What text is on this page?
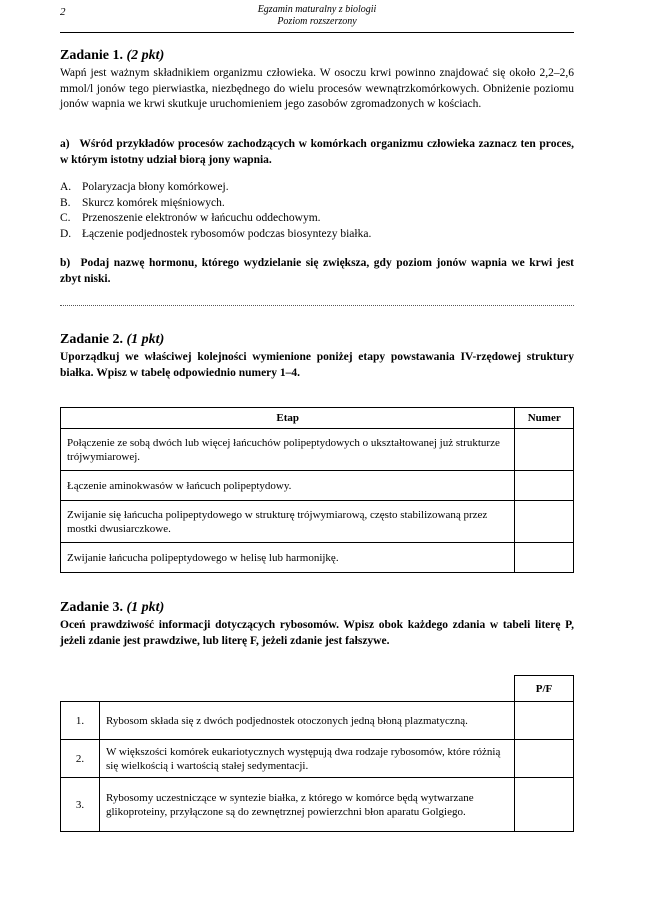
2	Egzamin maturalny z biologii
Poziom rozszerzony
Zadanie 1. (2 pkt)
Wapń jest ważnym składnikiem organizmu człowieka. W osoczu krwi powinno znajdować się około 2,2–2,6 mmol/l jonów tego pierwiastka, niezbędnego do wielu procesów wewnątrzkomórkowych. Obniżenie poziomu jonów wapnia we krwi skutkuje uruchomieniem jego zasobów zgromadzonych w kościach.
a) Wśród przykładów procesów zachodzących w komórkach organizmu człowieka zaznacz ten proces, w którym istotny udział biorą jony wapnia.
A. Polaryzacja błony komórkowej.
B. Skurcz komórek mięśniowych.
C. Przenoszenie elektronów w łańcuchu oddechowym.
D. Łączenie podjednostek rybosomów podczas biosyntezy białka.
b) Podaj nazwę hormonu, którego wydzielanie się zwiększa, gdy poziom jonów wapnia we krwi jest zbyt niski.
Zadanie 2. (1 pkt)
Uporządkuj we właściwej kolejności wymienione poniżej etapy powstawania IV-rzędowej struktury białka. Wpisz w tabelę odpowiednio numery 1–4.
Etap	Numer
Połączenie ze sobą dwóch lub więcej łańcuchów polipeptydowych o ukształtowanej już strukturze trójwymiarowej.	
Łączenie aminokwasów w łańcuch polipeptydowy.	
Zwijanie się łańcucha polipeptydowego w strukturę trójwymiarową, często stabilizowaną przez mostki dwusiarczkowe.	
Zwijanie łańcucha polipeptydowego w helisę lub harmonijkę.	
Zadanie 3. (1 pkt)
Oceń prawdziwość informacji dotyczących rybosomów. Wpisz obok każdego zdania w tabeli literę P, jeżeli zdanie jest prawdziwe, lub literę F, jeżeli zdanie jest fałszywe.
		P/F
1.	Rybosom składa się z dwóch podjednostek otoczonych jedną błoną plazmatyczną.	
2.	W większości komórek eukariotycznych występują dwa rodzaje rybosomów, które różnią się wielkością i wartością stałej sedymentacji.	
3.	Rybosomy uczestniczące w syntezie białka, z którego w komórce będą wytwarzane glikoproteiny, przyłączone są do zewnętrznej powierzchni błon aparatu Golgiego.	
